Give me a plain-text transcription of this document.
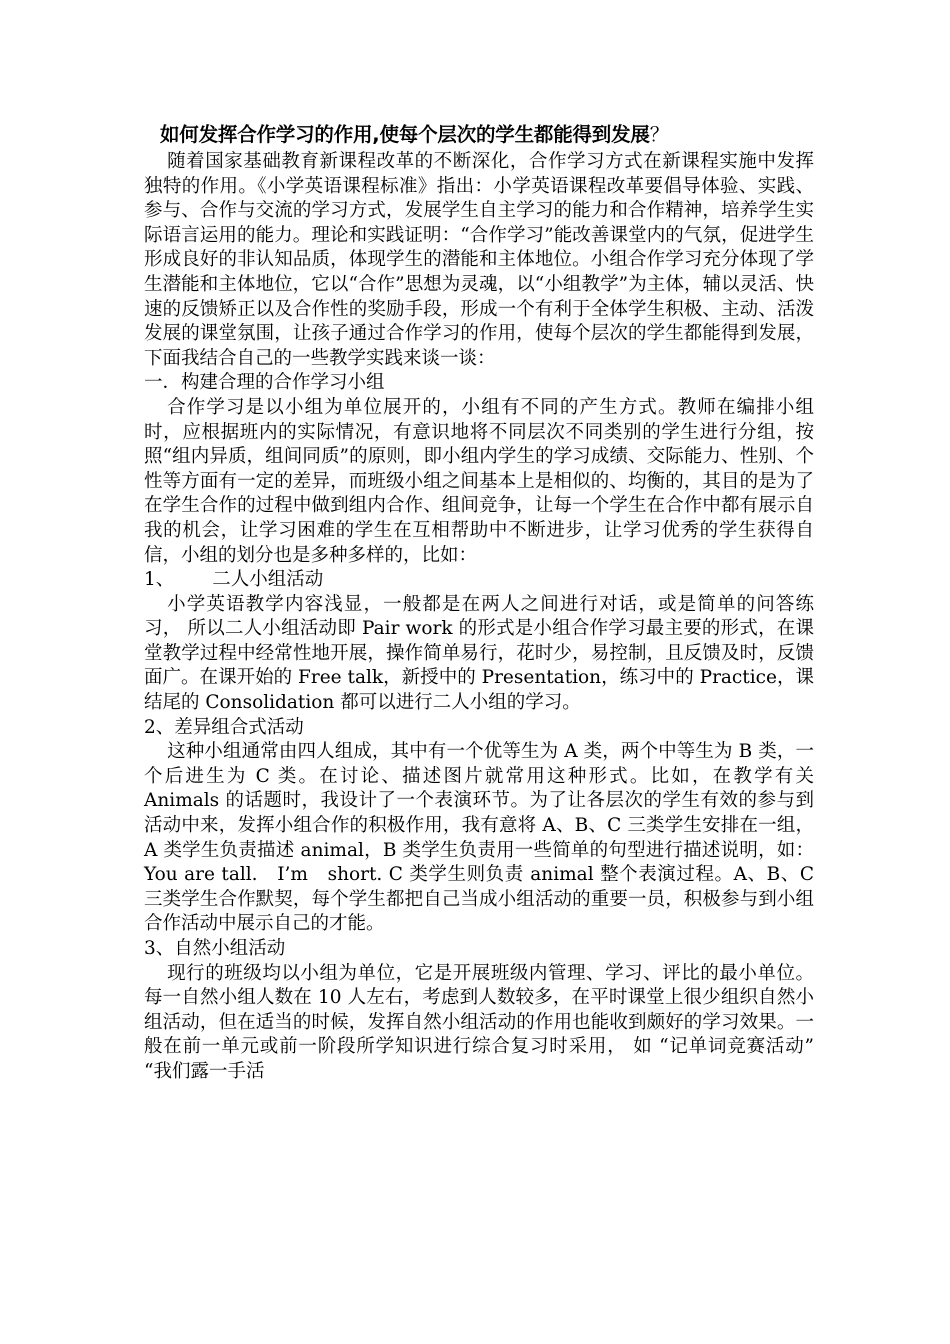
如何发挥合作学习的作用,使每个层次的学生都能得到发展？

随着国家基础教育新课程改革的不断深化，合作学习方式在新课程实施中发挥独特的作用。《小学英语课程标准》指出：小学英语课程改革要倡导体验、实践、参与、合作与交流的学习方式，发展学生自主学习的能力和合作精神，培养学生实际语言运用的能力。理论和实践证明：“合作学习”能改善课堂内的气氛，促进学生形成良好的非认知品质，体现学生的潜能和主体地位。小组合作学习充分体现了学生潜能和主体地位，它以“合作”思想为灵魂，以“小组教学”为主体，辅以灵活、快速的反馈矫正以及合作性的奖励手段，形成一个有利于全体学生积极、主动、活泼发展的课堂氛围，让孩子通过合作学习的作用，使每个层次的学生都能得到发展，下面我结合自己的一些教学实践来谈一谈：

一．构建合理的合作学习小组

合作学习是以小组为单位展开的，小组有不同的产生方式。教师在编排小组时，应根据班内的实际情况，有意识地将不同层次不同类别的学生进行分组，按照“组内异质，组间同质”的原则，即小组内学生的学习成绩、交际能力、性别、个性等方面有一定的差异，而班级小组之间基本上是相似的、均衡的，其目的是为了在学生合作的过程中做到组内合作、组间竞争，让每一个学生在合作中都有展示自我的机会，让学习困难的学生在互相帮助中不断进步，让学习优秀的学生获得自信，小组的划分也是多种多样的，比如：

1、 二人小组活动

小学英语教学内容浅显，一般都是在两人之间进行对话，或是简单的问答练习， 所以二人小组活动即 Pair work 的形式是小组合作学习最主要的形式，在课堂教学过程中经常性地开展，操作简单易行，花时少，易控制，且反馈及时，反馈面广。在课开始的 Free talk，新授中的 Presentation，练习中的 Practice，课结尾的 Consolidation 都可以进行二人小组的学习。

2、差异组合式活动

这种小组通常由四人组成，其中有一个优等生为 A 类，两个中等生为 B 类，一个后进生为 C 类。在讨论、描述图片就常用这种形式。比如，在教学有关 Animals 的话题时，我设计了一个表演环节。为了让各层次的学生有效的参与到活动中来，发挥小组合作的积极作用，我有意将 A、B、C 三类学生安排在一组，A 类学生负责描述 animal，B 类学生负责用一些简单的句型进行描述说明，如：You are tall.　I’m　short. C 类学生则负责 animal 整个表演过程。A、B、C 三类学生合作默契，每个学生都把自己当成小组活动的重要一员，积极参与到小组合作活动中展示自己的才能。

3、自然小组活动

现行的班级均以小组为单位，它是开展班级内管理、学习、评比的最小单位。每一自然小组人数在 10 人左右，考虑到人数较多，在平时课堂上很少组织自然小组活动，但在适当的时候，发挥自然小组活动的作用也能收到颇好的学习效果。一般在前一单元或前一阶段所学知识进行综合复习时采用， 如 “记单词竞赛活动” “我们露一手活
